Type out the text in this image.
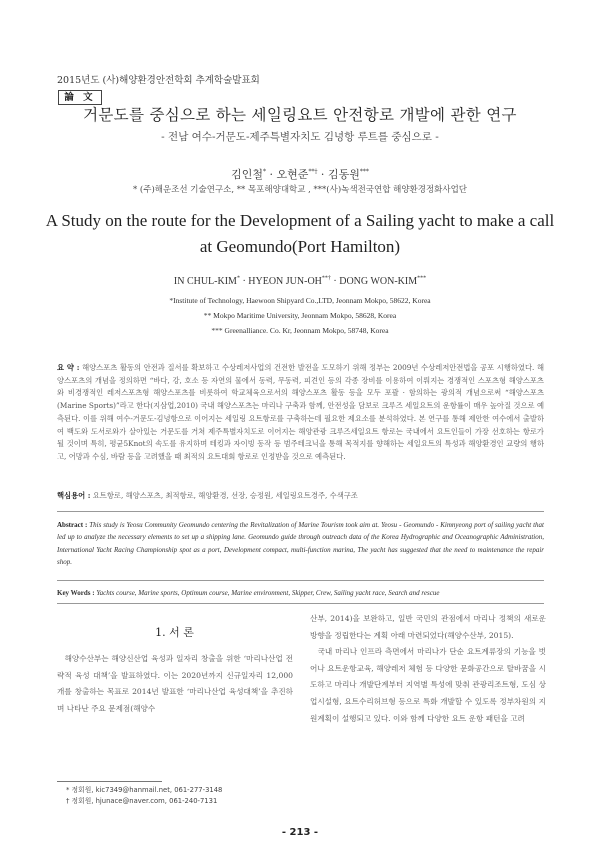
2015년도 (사)해양환경안전학회 추계학술발표회
論 文
거문도를 중심으로 하는 세일링요트 안전항로 개발에 관한 연구
- 전남 여수-거문도-제주특별자치도 김녕항 루트를 중심으로 -
김인철* · 오현준**† · 김동원***
* (주)해운조선 기술연구소, ** 목포해양대학교 , ***(사)녹색전국연합 해양환경정화사업단
A Study on the route for the Development of a Sailing yacht to make a call at Geomundo(Port Hamilton)
IN CHUL-KIM* · HYEON JUN-OH**† · DONG WON-KIM***
*Institute of Technology, Haewoon Shipyard Co.,LTD, Jeonnam Mokpo, 58622, Korea
** Mokpo Maritime University, Jeonnam Mokpo, 58628, Korea
*** Greenalliance. Co. Kr, Jeonnam Mokpo, 58748, Korea
요 약 : 해양스포츠 활동의 안전과 질서를 확보하고 수상레저사업의 건전한 발전을 도모하기 위해 정부는 2009년 수상레저안전법을 공포 시행하였다. 해양스포츠의 개념을 정의하면 “바다, 강, 호소 등 자연의 물에서 동력, 무동력, 피견인 등의 각종 장비를 이용하여 이뤄지는 경쟁적인 스포츠형 해양스포츠와 비경쟁적인 레저스포츠형 해양스포츠를 비롯하여 학교체육으로서의 해양스포츠 활동 등을 모두 포괄 · 함의하는 광의적 개념으로써 “해양스포츠(Marine Sports)”라고 한다(지삼업,2010) 국내 해양스포츠는 마리나 구축과 함께, 안전성을 담보로 크루즈 세일요트의 운항률이 매우 높아질 것으로 예측된다. 이를 위해 여수-거문도-김녕항으로 이어지는 세일링 요트항로를 구축하는데 필요한 제요소를 분석하였다. 본 연구를 통해 제안한 여수에서 출발하여 백도와 도서로와가 살아있는 거문도를 거쳐 제주특별자치도로 이어지는 해양관광 크루즈세일요트 항로는 국내에서 요트인들이 가장 선호하는 항로가 될 것이며 특히, 평균5Knot의 속도를 유지하며 테킹과 자이빙 동작 등 범주테크닉을 통해 목적지를 향해하는 세일요트의 특성과 해양환경인 교량의 행하고, 어망과 수심, 바람 등을 고려했을 때 최적의 요트대회 항로로 인정받을 것으로 예측된다.
핵심용어 : 요트항로, 해양스포츠, 최적항로, 해양환경, 선장, 승정원, 세일링요트경주, 수색구조
Abstract : This study is Yeosu Community Geomundo centering the Revitalization of Marine Tourism took aim at. Yeosu - Geomundo - Kimnyeong port of sailing yacht that led up to analyze the necessary elements to set up a shipping lane. Geomundo guide through outreach data of the Korea Hydrographic and Oceanographic Administration, International Yacht Racing Championship spot as a port, Development compact, multi-function marina, The yacht has suggested that the need to maintenance the repair shop.
Key Words : Yachts course, Marine sports, Optimum course, Marine environment, Skipper, Crew, Sailing yacht race, Search and rescue
1. 서 론
해양수산부는 해양신산업 육성과 일자리 창출을 위한 ‘마리나산업 전략적 육성 대책’을 발표하였다. 이는 2020년까지 신규일자리 12,000개를 창출하는 목표로 2014년 발표한 ‘마리나산업 육성대책’을 추진하며 나타난 주요 문제점(해양수

산부, 2014)을 보완하고, 일반 국민의 관점에서 마리나 정책의 새로운 방향을 정립한다는 계획 아래 마련되었다(해양수산부, 2015).

국내 마리나 인프라 측면에서 마리나가 단순 요트계류장의 기능을 벗어나 요트운항교육, 해양레저 체험 등 다양한 문화공간으로 탈바꿈을 시도하고 마리나 개발단계부터 지역별 특성에 맞춰 관광리조트형, 도심 상업시설형, 요트수리허브형 등으로 특화 개발할 수 있도록 정부차원의 지원계획이 설행되고 있다. 이와 함께 다양한 요트 운항 패턴을 고려

* 정회원, kic7349@hanmail.net, 061-277-3148
† 정회원, hjunace@naver.com, 061-240-7131
- 213 -
